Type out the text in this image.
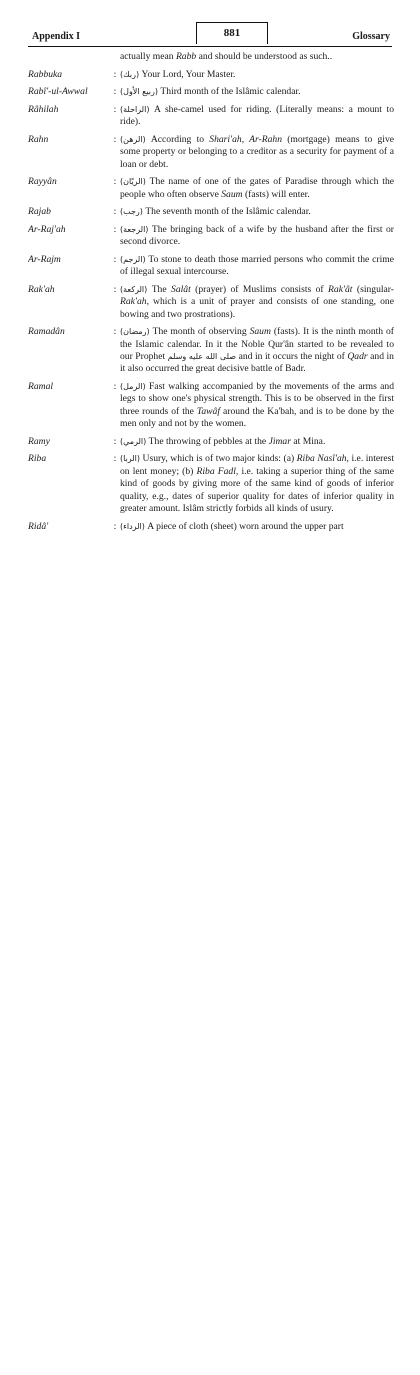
Appendix I	881	Glossary
actually mean Rabb and should be understood as such..
Rabbuka	: (ربك) Your Lord, Your Master.
Rabî'-ul-Awwal	: (ربيع الأول) Third month of the Islâmic calendar.
Râhilah	: (الراحلة) A she-camel used for riding. (Literally means: a mount to ride).
Rahn	: (الرهن) According to Shari'ah, Ar-Rahn (mortgage) means to give some property or belonging to a creditor as a security for payment of a loan or debt.
Rayyân	: (الريّان) The name of one of the gates of Paradise through which the people who often observe Saum (fasts) will enter.
Rajab	: (رجب) The seventh month of the Islâmic calendar.
Ar-Raj'ah	: (الرجعة) The bringing back of a wife by the husband after the first or second divorce.
Ar-Rajm	: (الرجم) To stone to death those married persons who commit the crime of illegal sexual intercourse.
Rak'ah	: (الركعة) The Salât (prayer) of Muslims consists of Rak'ât (singular-Rak'ah, which is a unit of prayer and consists of one standing, one bowing and two prostrations).
Ramadân	: (رمضان) The month of observing Saum (fasts). It is the ninth month of the Islamic calendar. In it the Noble Qur'ân started to be revealed to our Prophet صلى الله عليه وسلم and in it occurs the night of Qadr and in it also occurred the great decisive battle of Badr.
Ramal	: (الرمل) Fast walking accompanied by the movements of the arms and legs to show one's physical strength. This is to be observed in the first three rounds of the Tawâf around the Ka'bah, and is to be done by the men only and not by the women.
Ramy	: (الرمي) The throwing of pebbles at the Jimar at Mina.
Riba	: (الربا) Usury, which is of two major kinds: (a) Riba Nasî'ah, i.e. interest on lent money; (b) Riba Fadl, i.e. taking a superior thing of the same kind of goods by giving more of the same kind of goods of inferior quality, e.g., dates of superior quality for dates of inferior quality in greater amount. Islâm strictly forbids all kinds of usury.
Ridâ'	: (الرداء) A piece of cloth (sheet) worn around the upper part
